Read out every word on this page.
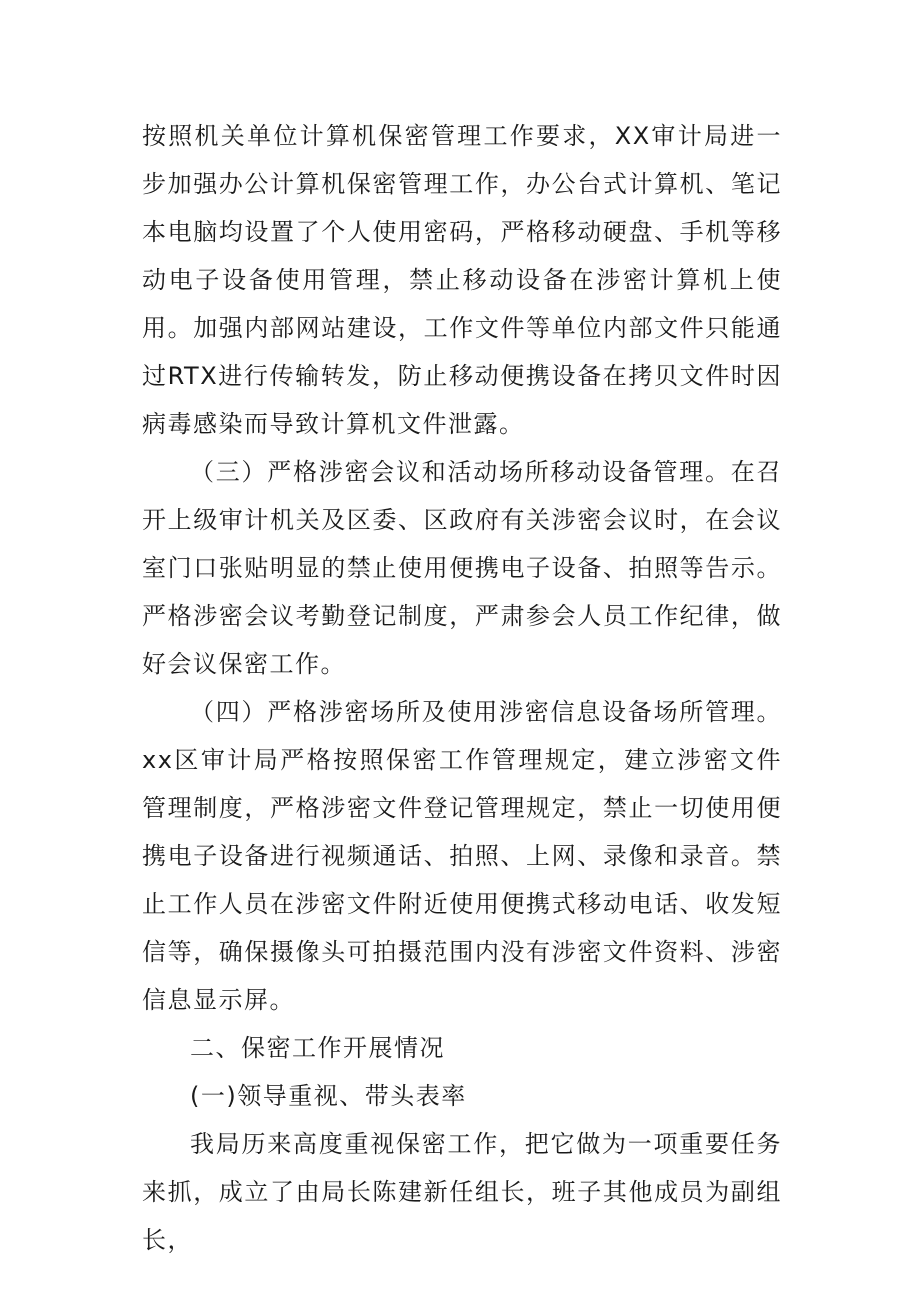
按照机关单位计算机保密管理工作要求，XX审计局进一步加强办公计算机保密管理工作，办公台式计算机、笔记本电脑均设置了个人使用密码，严格移动硬盘、手机等移动电子设备使用管理，禁止移动设备在涉密计算机上使用。加强内部网站建设，工作文件等单位内部文件只能通过RTX进行传输转发，防止移动便携设备在拷贝文件时因病毒感染而导致计算机文件泄露。

（三）严格涉密会议和活动场所移动设备管理。在召开上级审计机关及区委、区政府有关涉密会议时，在会议室门口张贴明显的禁止使用便携电子设备、拍照等告示。严格涉密会议考勤登记制度，严肃参会人员工作纪律，做好会议保密工作。

（四）严格涉密场所及使用涉密信息设备场所管理。xx区审计局严格按照保密工作管理规定，建立涉密文件管理制度，严格涉密文件登记管理规定，禁止一切使用便携电子设备进行视频通话、拍照、上网、录像和录音。禁止工作人员在涉密文件附近使用便携式移动电话、收发短信等，确保摄像头可拍摄范围内没有涉密文件资料、涉密信息显示屏。

二、保密工作开展情况

(一)领导重视、带头表率

我局历来高度重视保密工作，把它做为一项重要任务来抓，成立了由局长陈建新任组长，班子其他成员为副组长，
